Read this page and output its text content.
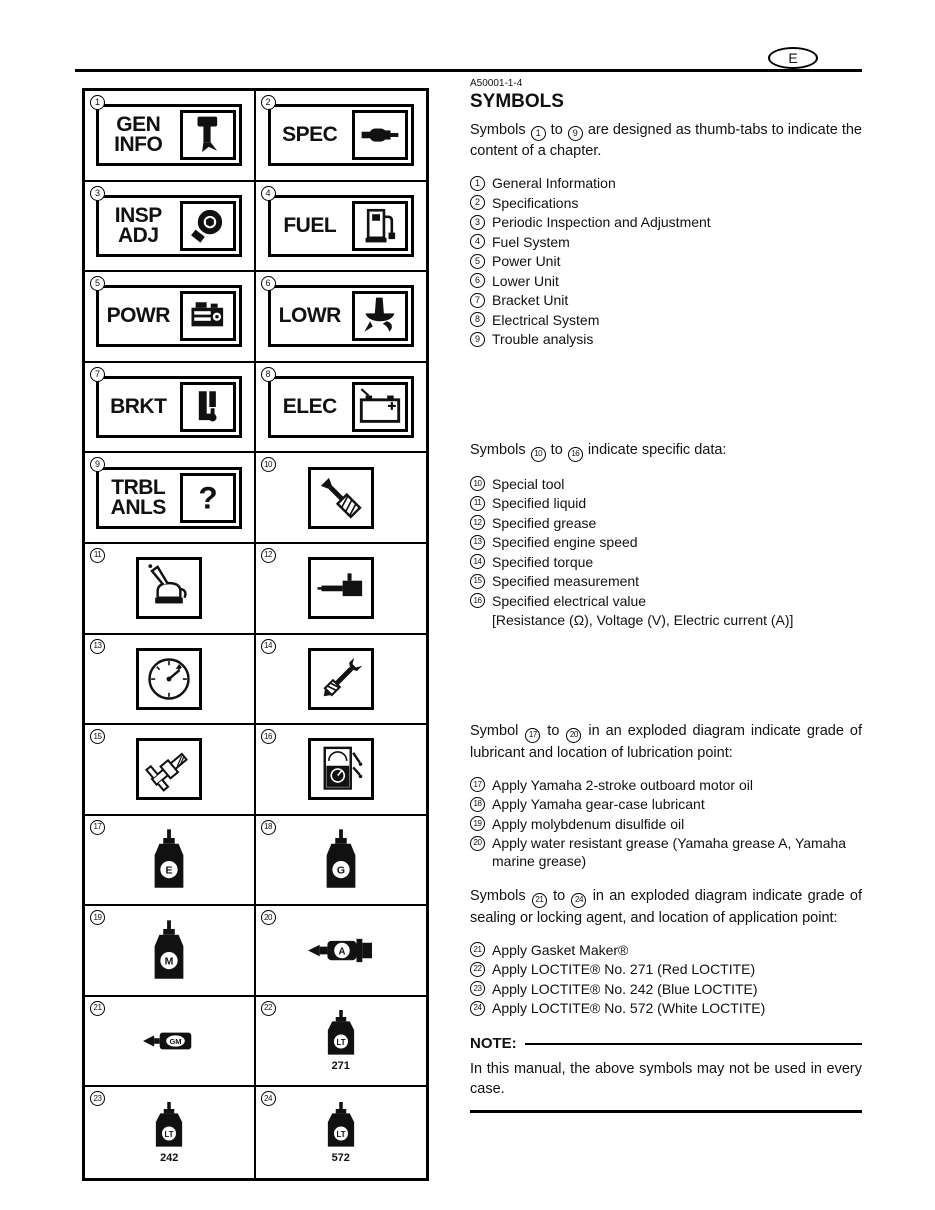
E
1
GEN
INFO
2
SPEC
3
INSP
ADJ
4
FUEL
5
POWR
6
LOWR
7
BRKT
8
ELEC
9
TRBL
ANLS ?
10
11	12
13	14
15	16
17
E
18
G
19
M
20
A
21
GM
22
LT
271
23
LT
242
24
LT
572
A50001-1-4
SYMBOLS

Symbols 1 to 9 are designed as thumb-tabs to indicate the content of a chapter.

1 General Information
2 Specifications
3 Periodic Inspection and Adjustment
4 Fuel System
5 Power Unit
6 Lower Unit
7 Bracket Unit
8 Electrical System
9 Trouble analysis

Symbols 10 to 16 indicate specific data:

10 Special tool
11 Specified liquid
12 Specified grease
13 Specified engine speed
14 Specified torque
15 Specified measurement
16 Specified electrical value
[Resistance (Ω), Voltage (V), Electric current (A)]

Symbol 17 to 20 in an exploded diagram indicate grade of lubricant and location of lubrication point:

17 Apply Yamaha 2-stroke outboard motor oil
18 Apply Yamaha gear-case lubricant
19 Apply molybdenum disulfide oil
20 Apply water resistant grease (Yamaha grease A, Yamaha marine grease)

Symbols 21 to 24 in an exploded diagram indicate grade of sealing or locking agent, and location of application point:

21 Apply Gasket Maker®
22 Apply LOCTITE® No. 271 (Red LOCTITE)
23 Apply LOCTITE® No. 242 (Blue LOCTITE)
24 Apply LOCTITE® No. 572 (White LOCTITE)
NOTE:

In this manual, the above symbols may not be used in every case.
